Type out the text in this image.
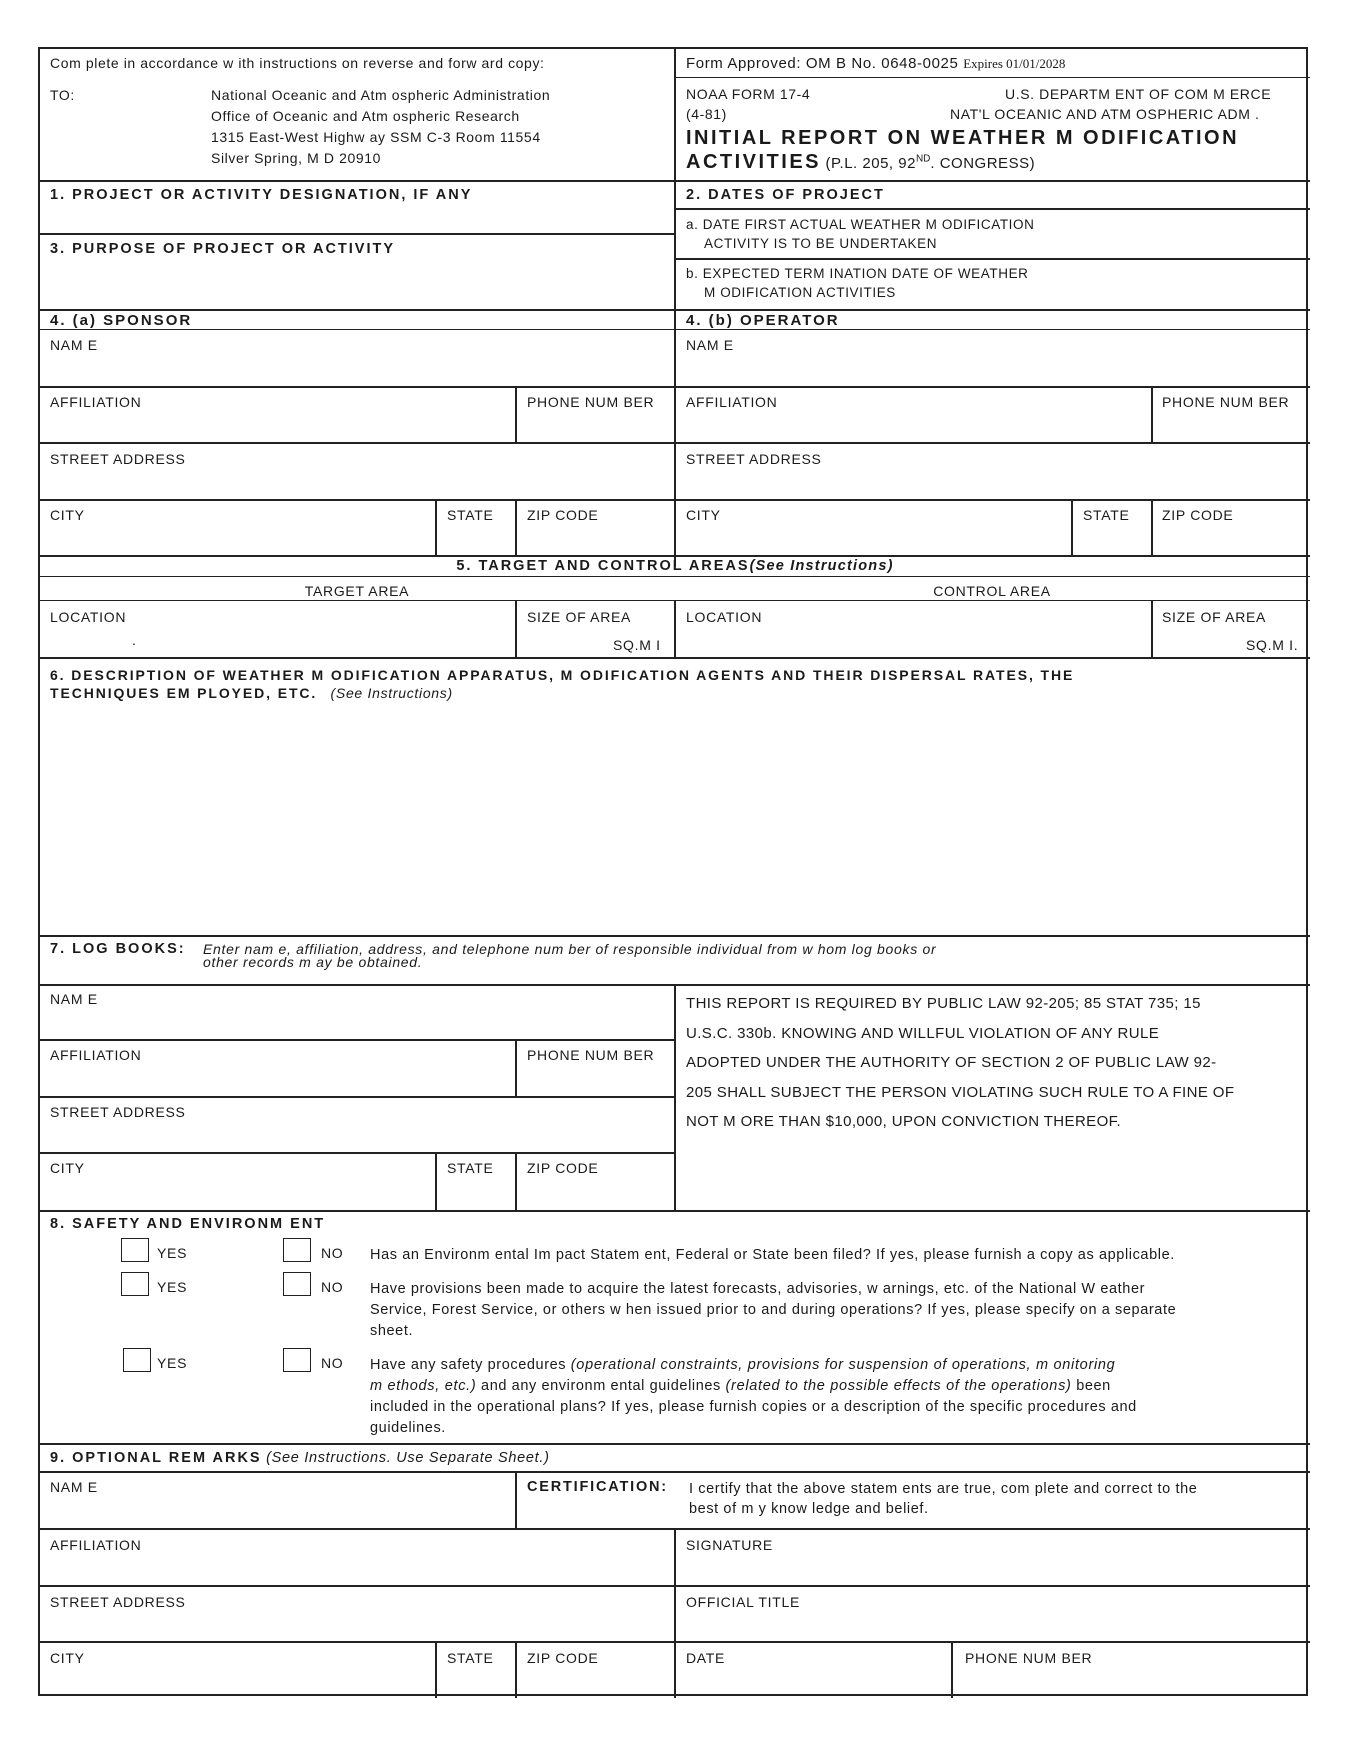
Com plete in accordance w ith instructions on reverse and forw ard copy:
TO:	National Oceanic and Atm ospheric Administration
Office of Oceanic and Atm ospheric Research
1315 East-West Highw ay SSM C-3 Room 11554
Silver Spring, M D 20910
Form Approved: OM B No. 0648-0025 Expires 01/01/2028
NOAA FORM 17-4
(4-81)
U.S. DEPARTM ENT OF COM M ERCE
NAT'L OCEANIC AND ATM OSPHERIC ADM .
INITIAL REPORT ON WEATHER M ODIFICATION
ACTIVITIES (P.L. 205, 92ND. CONGRESS)
1. PROJECT OR ACTIVITY DESIGNATION, IF ANY
3. PURPOSE OF PROJECT OR ACTIVITY
2. DATES OF PROJECT
a. DATE FIRST ACTUAL WEATHER M ODIFICATION
ACTIVITY IS TO BE UNDERTAKEN
b. EXPECTED TERM INATION DATE OF WEATHER
M ODIFICATION ACTIVITIES
4. (a) SPONSOR	4. (b) OPERATOR
NAM E
AFFILIATION	PHONE NUM BER
STREET ADDRESS
CITY	STATE ZIP CODE
NAM E
AFFILIATION	PHONE NUM BER
STREET ADDRESS
CITY	STATE ZIP CODE
5. TARGET AND CONTROL AREAS(See Instructions)
TARGET AREA	CONTROL AREA
LOCATION
.
SIZE OF AREA
SQ.M I
LOCATION	SIZE OF AREA
SQ.M I.
6. DESCRIPTION OF WEATHER M ODIFICATION APPARATUS, M ODIFICATION AGENTS AND THEIR DISPERSAL RATES, THE
TECHNIQUES EM PLOYED, ETC. (See Instructions)
7. LOG BOOKS: Enter nam e, affiliation, address, and telephone num ber of responsible individual from w hom log books or
other records m ay be obtained.
NAM E
AFFILIATION	PHONE NUM BER
STREET ADDRESS
CITY	STATE ZIP CODE
THIS REPORT IS REQUIRED BY PUBLIC LAW 92-205; 85 STAT 735; 15
U.S.C. 330b. KNOWING AND WILLFUL VIOLATION OF ANY RULE
ADOPTED UNDER THE AUTHORITY OF SECTION 2 OF PUBLIC LAW 92-
205 SHALL SUBJECT THE PERSON VIOLATING SUCH RULE TO A FINE OF
NOT M ORE THAN $10,000, UPON CONVICTION THEREOF.
8. SAFETY AND ENVIRONM ENT
YES	NO Has an Environm ental Im pact Statem ent, Federal or State been filed? If yes, please furnish a copy as applicable.
YES	NO Have provisions been made to acquire the latest forecasts, advisories, w arnings, etc. of the National W eather
Service, Forest Service, or others w hen issued prior to and during operations? If yes, please specify on a separate
sheet.
YES	NO Have any safety procedures (operational constraints, provisions for suspension of operations, m onitoring
m ethods, etc.) and any environm ental guidelines (related to the possible effects of the operations) been
included in the operational plans? If yes, please furnish copies or a description of the specific procedures and
guidelines.
9. OPTIONAL REM ARKS (See Instructions. Use Separate Sheet.)
NAM E	CERTIFICATION: I certify that the above statem ents are true, com plete and correct to the
best of m y know ledge and belief.
AFFILIATION	SIGNATURE
STREET ADDRESS	OFFICIAL TITLE
CITY	STATE ZIP CODE	DATE	PHONE NUM BER
